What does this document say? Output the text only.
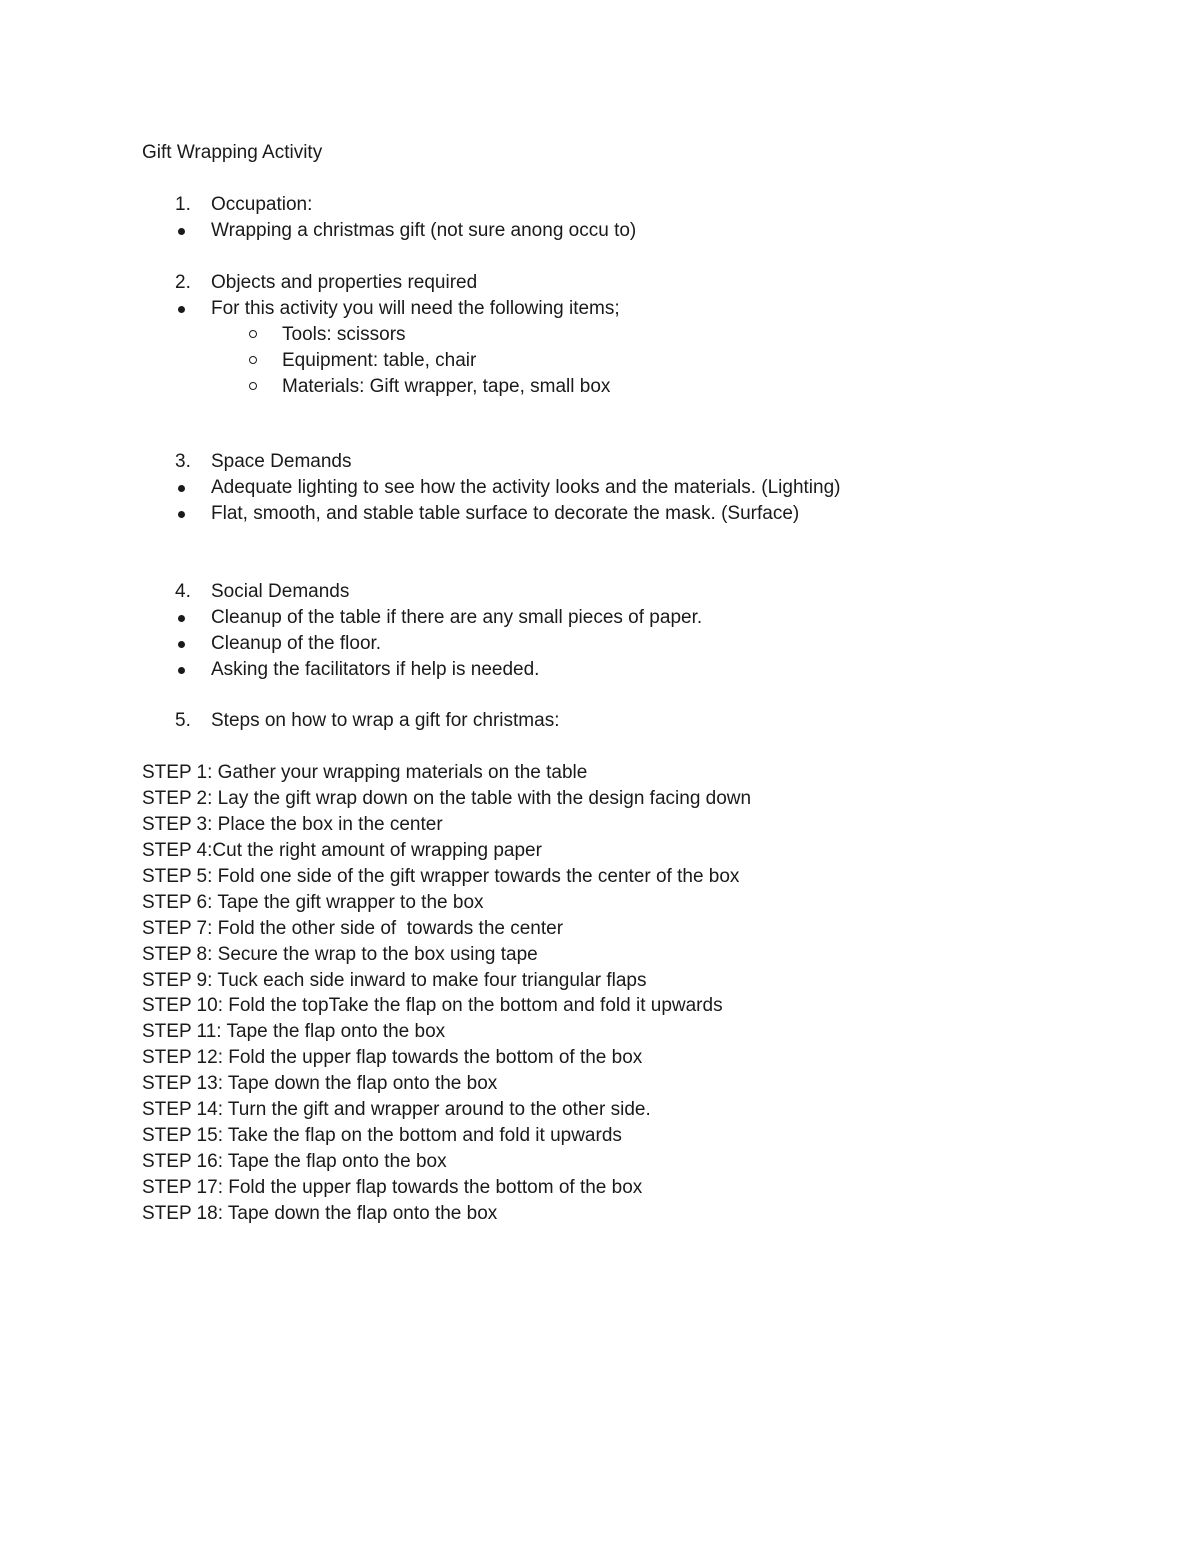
Gift Wrapping Activity
1. Occupation:
Wrapping a christmas gift (not sure anong occu to)
2. Objects and properties required
For this activity you will need the following items;
Tools: scissors
Equipment: table, chair
Materials: Gift wrapper, tape, small box
3. Space Demands
Adequate lighting to see how the activity looks and the materials. (Lighting)
Flat, smooth, and stable table surface to decorate the mask. (Surface)
4. Social Demands
Cleanup of the table if there are any small pieces of paper.
Cleanup of the floor.
Asking the facilitators if help is needed.
5. Steps on how to wrap a gift for christmas:
STEP 1: Gather your wrapping materials on the table
STEP 2: Lay the gift wrap down on the table with the design facing down
STEP 3: Place the box in the center
STEP 4:Cut the right amount of wrapping paper
STEP 5: Fold one side of the gift wrapper towards the center of the box
STEP 6: Tape the gift wrapper to the box
STEP 7: Fold the other side of  towards the center
STEP 8: Secure the wrap to the box using tape
STEP 9: Tuck each side inward to make four triangular flaps
STEP 10: Fold the topTake the flap on the bottom and fold it upwards
STEP 11: Tape the flap onto the box
STEP 12: Fold the upper flap towards the bottom of the box
STEP 13: Tape down the flap onto the box
STEP 14: Turn the gift and wrapper around to the other side.
STEP 15: Take the flap on the bottom and fold it upwards
STEP 16: Tape the flap onto the box
STEP 17: Fold the upper flap towards the bottom of the box
STEP 18: Tape down the flap onto the box
